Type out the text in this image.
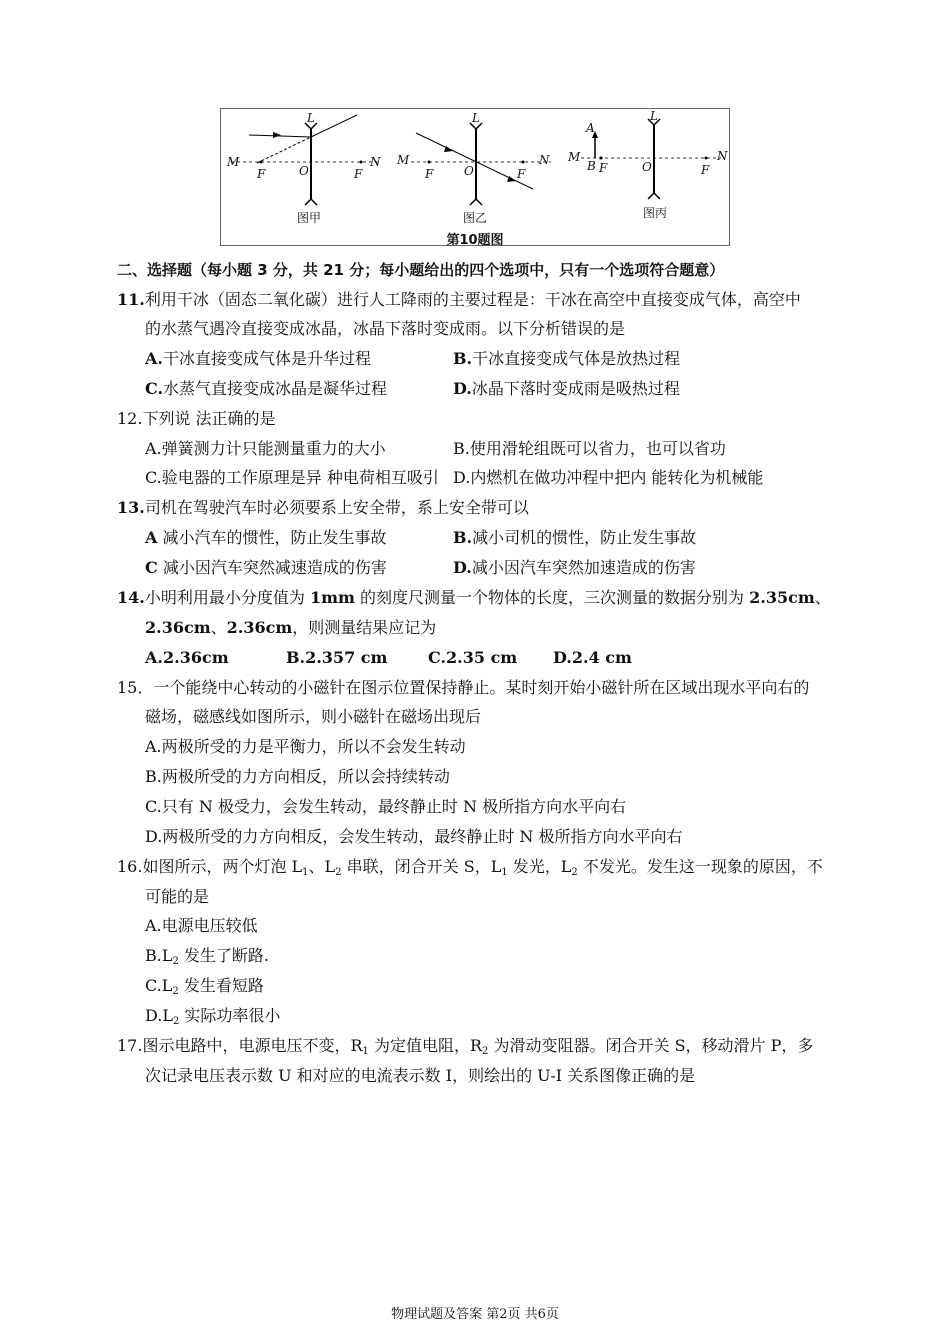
L
M
F	O	F
N
图甲
L
M
F	O	F
N
图乙
L
A
M
B F	O	F
N
图丙
第10题图
二、选择题（每小题 3 分，共 21 分；每小题给出的四个选项中，只有一个选项符合题意）
11.利用干冰（固态二氧化碳）进行人工降雨的主要过程是：干冰在高空中直接变成气体，高空中
的水蒸气遇冷直接变成冰晶，冰晶下落时变成雨。以下分析错误的是
A.干冰直接变成气体是升华过程	B.干冰直接变成气体是放热过程
C.水蒸气直接变成冰晶是凝华过程	D.冰晶下落时变成雨是吸热过程
12.下列说 法正确的是
A.弹簧测力计只能测量重力的大小	B.使用滑轮组既可以省力，也可以省功
C.验电器的工作原理是异 种电荷相互吸引 D.内燃机在做功冲程中把内 能转化为机械能
13.司机在驾驶汽车时必须要系上安全带，系上安全带可以
A 减小汽车的惯性，防止发生事故	B.减小司机的惯性，防止发生事故
C 减小因汽车突然减速造成的伤害	D.减小因汽车突然加速造成的伤害
14.小明利用最小分度值为 1mm 的刻度尺测量一个物体的长度，三次测量的数据分别为 2.35cm、
2.36cm、2.36cm，则测量结果应记为
A.2.36cm	B.2.357 cm	C.2.35 cm	D.2.4 cm
15．一个能绕中心转动的小磁针在图示位置保持静止。某时刻开始小磁针所在区域出现水平向右的
磁场，磁感线如图所示，则小磁针在磁场出现后
A.两极所受的力是平衡力，所以不会发生转动
B.两极所受的力方向相反，所以会持续转动
C.只有 N 极受力，会发生转动，最终静止时 N 极所指方向水平向右
D.两极所受的力方向相反，会发生转动，最终静止时 N 极所指方向水平向右
16.如图所示，两个灯泡 $L_1$、$L_2$ 串联，闭合开关 S，$L_1$ 发光，$L_2$ 不发光。发生这一现象的原因，不
可能的是
A.电源电压较低
$B.L_2$ 发生了断路.
$C.L_2$ 发生看短路
$D.L_2$ 实际功率很小
17.图示电路中，电源电压不变，$R_1$ 为定值电阻，$R_2$ 为滑动变阻器。闭合开关 S，移动滑片 P，多
次记录电压表示数 U 和对应的电流表示数 I，则绘出的 U-I 关系图像正确的是
物理试题及答案 第2页 共6页
